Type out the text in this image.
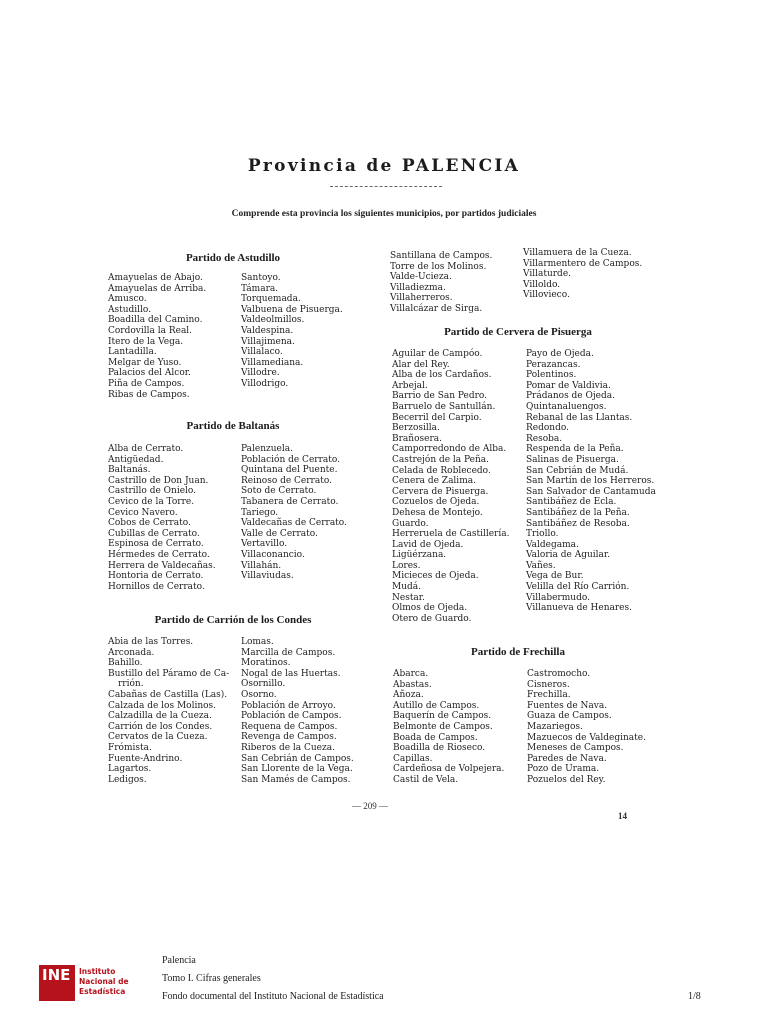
Provincia de PALENCIA
Comprende esta provincia los siguientes municipios, por partidos judiciales
Partido de Astudillo
Amayuelas de Abajo.
Amayuelas de Arriba.
Amusco.
Astudillo.
Boadilla del Camino.
Cordovilla la Real.
Itero de la Vega.
Lantadilla.
Melgar de Yuso.
Palacios del Alcor.
Piña de Campos.
Ribas de Campos.
Santoyo.
Támara.
Torquemada.
Valbuena de Pisuerga.
Valdeolmillos.
Valdespina.
Villajimena.
Villalaco.
Villamediana.
Villodre.
Villodrigo.
Partido de Baltanás
Alba de Cerrato.
Antigüedad.
Baltanás.
Castrillo de Don Juan.
Castrillo de Onielo.
Cevico de la Torre.
Cevico Navero.
Cobos de Cerrato.
Cubillas de Cerrato.
Espinosa de Cerrato.
Hérmedes de Cerrato.
Herrera de Valdecañas.
Hontoria de Cerrato.
Hornillos de Cerrato.
Palenzuela.
Población de Cerrato.
Quintana del Puente.
Reinoso de Cerrato.
Soto de Cerrato.
Tabanera de Cerrato.
Tariego.
Valdecañas de Cerrato.
Valle de Cerrato.
Vertavillo.
Villaconancio.
Villahán.
Villaviudas.
Partido de Carrión de los Condes
Abia de las Torres.
Arconada.
Bahillo.
Bustillo del Páramo de Ca-
rrión.
Cabañas de Castilla (Las).
Calzada de los Molinos.
Calzadilla de la Cueza.
Carrión de los Condes.
Cervatos de la Cueza.
Frómista.
Fuente-Andrino.
Lagartos.
Ledigos.
Lomas.
Marcilla de Campos.
Moratinos.
Nogal de las Huertas.
Osornillo.
Osorno.
Población de Arroyo.
Población de Campos.
Requena de Campos.
Revenga de Campos.
Riberos de la Cueza.
San Cebrián de Campos.
San Llorente de la Vega.
San Mamés de Campos.
Santillana de Campos.
Torre de los Molinos.
Valde-Ucieza.
Villadiezma.
Villaherreros.
Villalcázar de Sirga.
Villamuera de la Cueza.
Villarmentero de Campos.
Villaturde.
Villoldo.
Villovieco.
Partido de Cervera de Pisuerga
Aguilar de Campóo.
Alar del Rey.
Alba de los Cardaños.
Arbejal.
Barrio de San Pedro.
Barruelo de Santullán.
Becerril del Carpio.
Berzosilla.
Brañosera.
Camporredondo de Alba.
Castrejón de la Peña.
Celada de Roblecedo.
Cenera de Zalima.
Cervera de Pisuerga.
Cozuelos de Ojeda.
Dehesa de Montejo.
Guardo.
Herreruela de Castillería.
Lavid de Ojeda.
Ligüérzana.
Lores.
Micieces de Ojeda.
Mudá.
Nestar.
Olmos de Ojeda.
Otero de Guardo.
Payo de Ojeda.
Perazancas.
Polentinos.
Pomar de Valdivia.
Prádanos de Ojeda.
Quintanaluengos.
Rebanal de las Llantas.
Redondo.
Resoba.
Respenda de la Peña.
Salinas de Pisuerga.
San Cebrián de Mudá.
San Martín de los Herreros.
San Salvador de Cantamuda
Santibáñez de Ecla.
Santibáñez de la Peña.
Santibáñez de Resoba.
Triollo.
Valdegama.
Valoria de Aguilar.
Vañes.
Vega de Bur.
Velilla del Río Carrión.
Villabermudo.
Villanueva de Henares.
Partido de Frechilla
Abarca.
Abastas.
Añoza.
Autillo de Campos.
Baquerín de Campos.
Belmonte de Campos.
Boada de Campos.
Boadilla de Rioseco.
Capillas.
Cardeñosa de Volpejera.
Castil de Vela.
Castromocho.
Cisneros.
Frechilla.
Fuentes de Nava.
Guaza de Campos.
Mazariegos.
Mazuecos de Valdeginate.
Meneses de Campos.
Paredes de Nava.
Pozo de Urama.
Pozuelos del Rey.
— 209 —
14
INE Instituto
Nacional de
Estadística
Palencia
Tomo I. Cifras generales
Fondo documental del Instituto Nacional de Estadística	1/8
